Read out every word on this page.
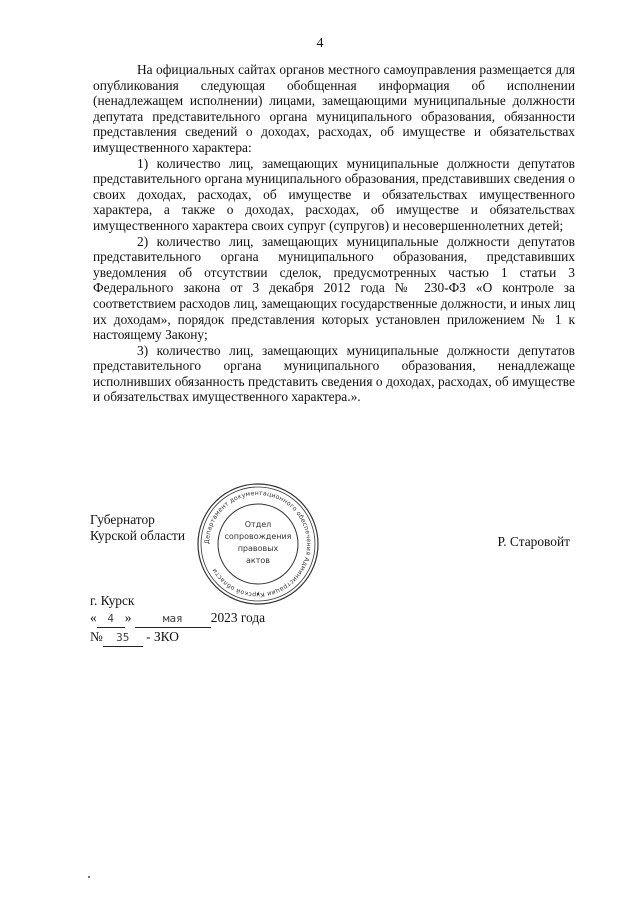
4

На официальных сайтах органов местного самоуправления размещается для опубликования следующая обобщенная информация об исполнении (ненадлежащем исполнении) лицами, замещающими муниципальные должности депутата представительного органа муниципального образования, обязанности представления сведений о доходах, расходах, об имуществе и обязательствах имущественного характера:

1) количество лиц, замещающих муниципальные должности депутатов представительного органа муниципального образования, представивших сведения о своих доходах, расходах, об имуществе и обязательствах имущественного характера, а также о доходах, расходах, об имуществе и обязательствах имущественного характера своих супруг (супругов) и несовершеннолетних детей;

2) количество лиц, замещающих муниципальные должности депутатов представительного органа муниципального образования, представивших уведомления об отсутствии сделок, предусмотренных частью 1 статьи 3 Федерального закона от 3 декабря 2012 года № 230-ФЗ «О контроле за соответствием расходов лиц, замещающих государственные должности, и иных лиц их доходам», порядок представления которых установлен приложением № 1 к настоящему Закону;

3) количество лиц, замещающих муниципальные должности депутатов представительного органа муниципального образования, ненадлежаще исполнивших обязанность представить сведения о доходах, расходах, об имуществе и обязательствах имущественного характера.».

Губернатор
Курской области	Департамент документационного обеспечения Администрации К рской области
Отдел
сопровождения
правовых
актов
Р. Старовойт
г. Курск
« 4 »	мая 2023 года
№ 35 - ЗКО
